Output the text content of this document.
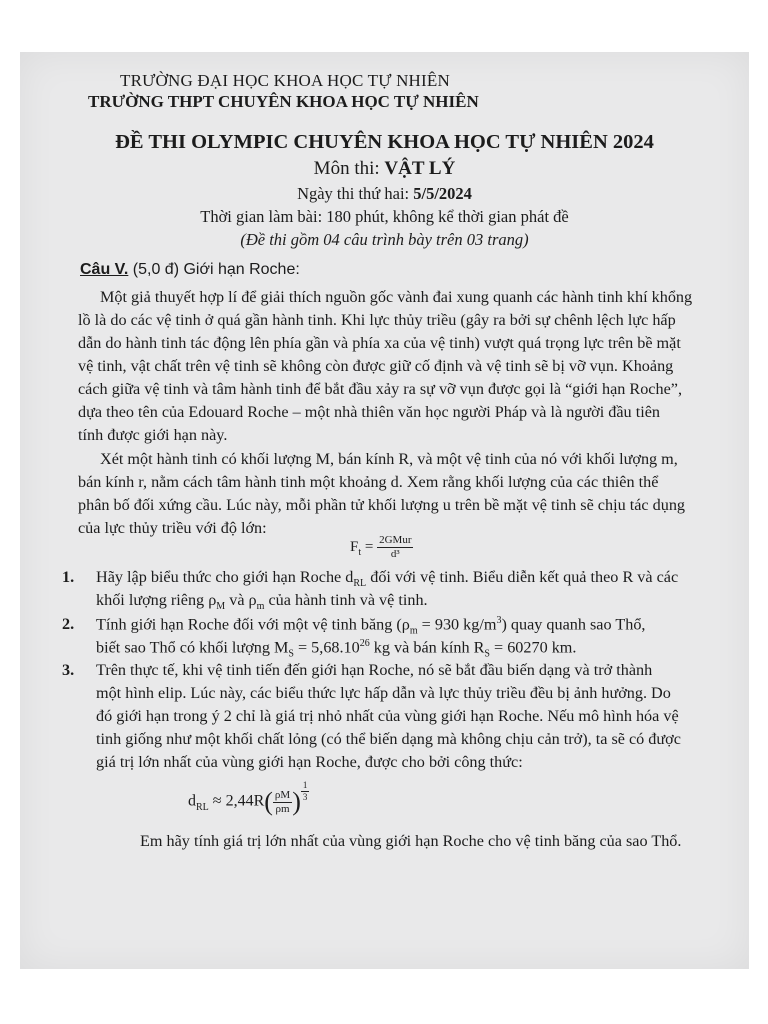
TRƯỜNG ĐẠI HỌC KHOA HỌC TỰ NHIÊN
TRƯỜNG THPT CHUYÊN KHOA HỌC TỰ NHIÊN
ĐỀ THI OLYMPIC CHUYÊN KHOA HỌC TỰ NHIÊN 2024
Môn thi: VẬT LÝ
Ngày thi thứ hai: 5/5/2024
Thời gian làm bài: 180 phút, không kể thời gian phát đề
(Đề thi gồm 04 câu trình bày trên 03 trang)
Câu V. (5,0 đ) Giới hạn Roche:
Một giả thuyết hợp lí để giải thích nguồn gốc vành đai xung quanh các hành tinh khí khổng
lồ là do các vệ tinh ở quá gần hành tinh. Khi lực thủy triều (gây ra bởi sự chênh lệch lực hấp
dẫn do hành tinh tác động lên phía gần và phía xa của vệ tinh) vượt quá trọng lực trên bề mặt
vệ tinh, vật chất trên vệ tinh sẽ không còn được giữ cố định và vệ tinh sẽ bị vỡ vụn. Khoảng
cách giữa vệ tinh và tâm hành tinh để bắt đầu xảy ra sự vỡ vụn được gọi là “giới hạn Roche”,
dựa theo tên của Edouard Roche – một nhà thiên văn học người Pháp và là người đầu tiên
tính được giới hạn này.
Xét một hành tinh có khối lượng M, bán kính R, và một vệ tinh của nó với khối lượng m,
bán kính r, nằm cách tâm hành tinh một khoảng d. Xem rằng khối lượng của các thiên thể
phân bố đối xứng cầu. Lúc này, mỗi phần tử khối lượng u trên bề mặt vệ tinh sẽ chịu tác dụng
của lực thủy triều với độ lớn:
$F_t = \frac{\text{2GMur}}{\text{d³}}$
1. Hãy lập biểu thức cho giới hạn Roche $d_{RL}$ đối với vệ tinh. Biểu diễn kết quả theo R và các
khối lượng riêng $\rho_M$ và $\rho_m$ của hành tinh và vệ tinh.
2. Tính giới hạn Roche đối với một vệ tinh băng ($\rho_m = 930$ $kg/m^3$) quay quanh sao Thổ,
biết sao Thổ có khối lượng $M_S = 5,68.10^{26}$ kg và bán kính $R_S = 60270$ km.
3. Trên thực tế, khi vệ tinh tiến đến giới hạn Roche, nó sẽ bắt đầu biến dạng và trở thành
một hình elip. Lúc này, các biểu thức lực hấp dẫn và lực thủy triều đều bị ảnh hưởng. Do
đó giới hạn trong ý 2 chỉ là giá trị nhỏ nhất của vùng giới hạn Roche. Nếu mô hình hóa vệ
tinh giống như một khối chất lỏng (có thể biến dạng mà không chịu cản trở), ta sẽ có được
giá trị lớn nhất của vùng giới hạn Roche, được cho bởi công thức:
$d_{RL} \approx 2,44R( \frac{\rho M}{\rho m}$ ) $\frac{1}{3}$
Em hãy tính giá trị lớn nhất của vùng giới hạn Roche cho vệ tinh băng của sao Thổ.
